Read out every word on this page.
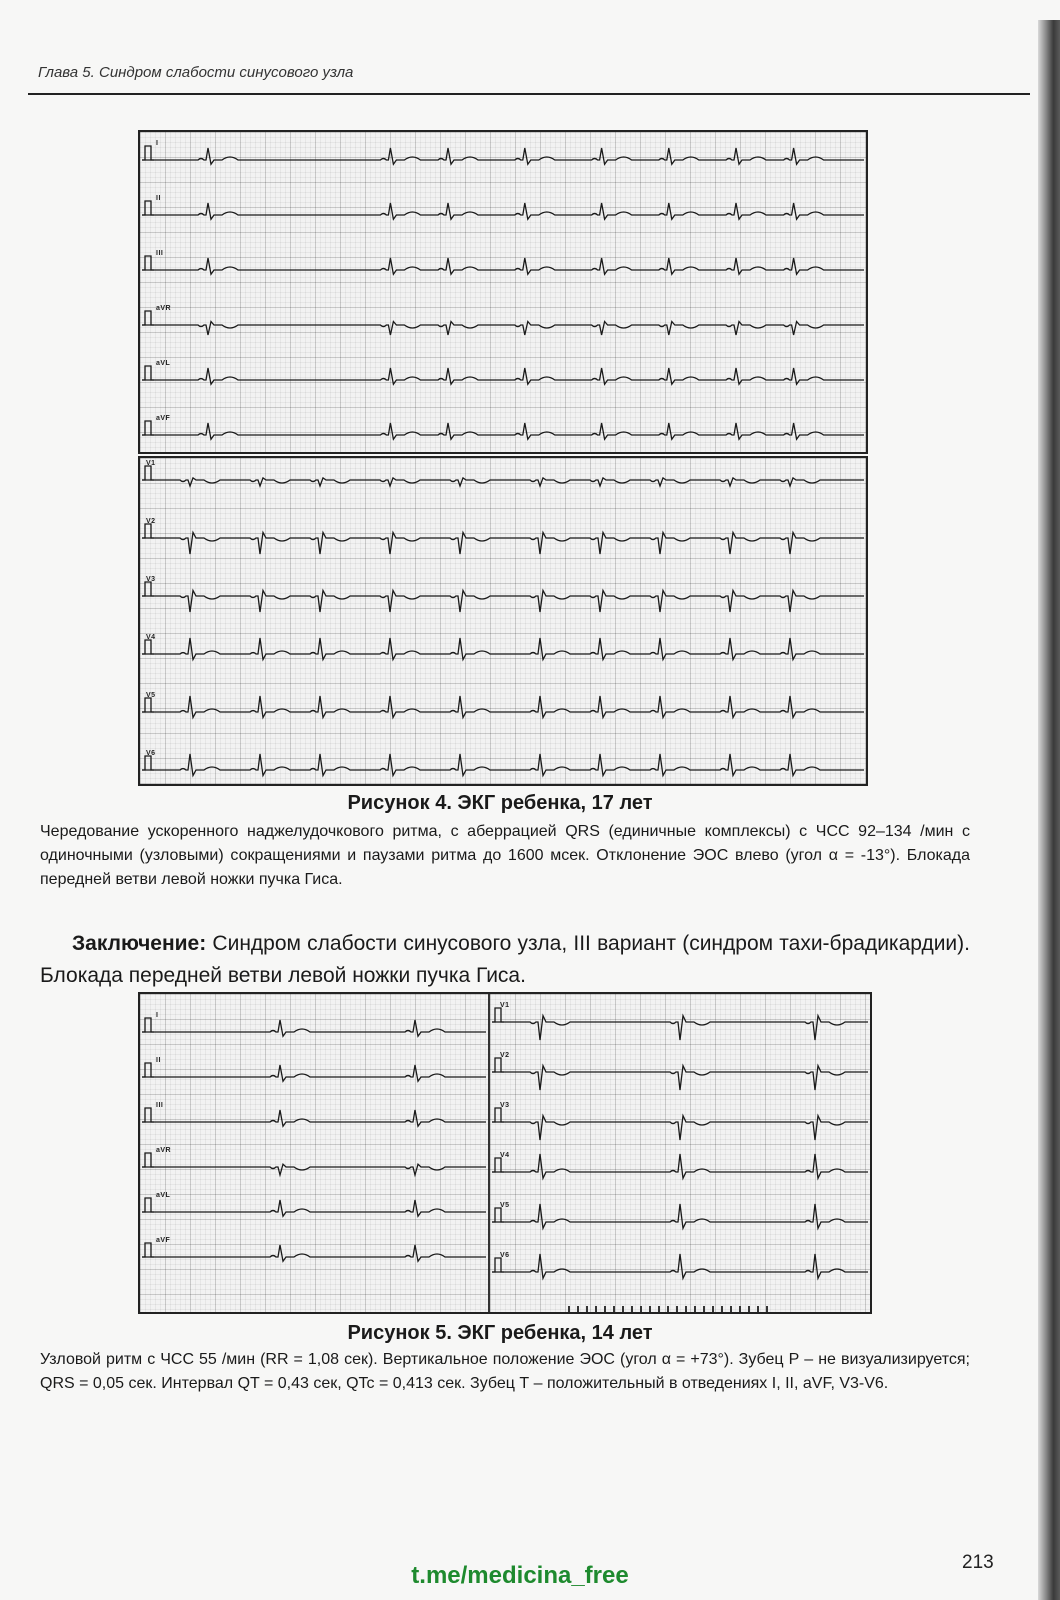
Глава 5. Синдром слабости синусового узла
I
II
III
aVR
aVL
aVF
V1
V2
V3
V4
V5
V6
Рисунок 4. ЭКГ ребенка, 17 лет
Чередование ускоренного наджелудочкового ритма, с аберрацией QRS (единичные комплексы) с ЧСС 92–134 /мин с одиночными (узловыми) сокращениями и паузами ритма до 1600 мсек. Отклонение ЭОС влево (угол α = -13°). Блокада передней ветви левой ножки пучка Гиса.
Заключение: Синдром слабости синусового узла, III вариант (синдром тахи-брадикардии). Блокада передней ветви левой ножки пучка Гиса.
I
II
III
aVR
aVL
aVF
V1
V2
V3
V4
V5
V6
Рисунок 5. ЭКГ ребенка, 14 лет
Узловой ритм с ЧСС 55 /мин (RR = 1,08 сек). Вертикальное положение ЭОС (угол α = +73°). Зубец Р – не визуализируется; QRS = 0,05 сек. Интервал QT = 0,43 сек, QTc = 0,413 сек. Зубец Т – положительный в отведениях I, II, aVF, V3-V6.
213
t.me/medicina_free
